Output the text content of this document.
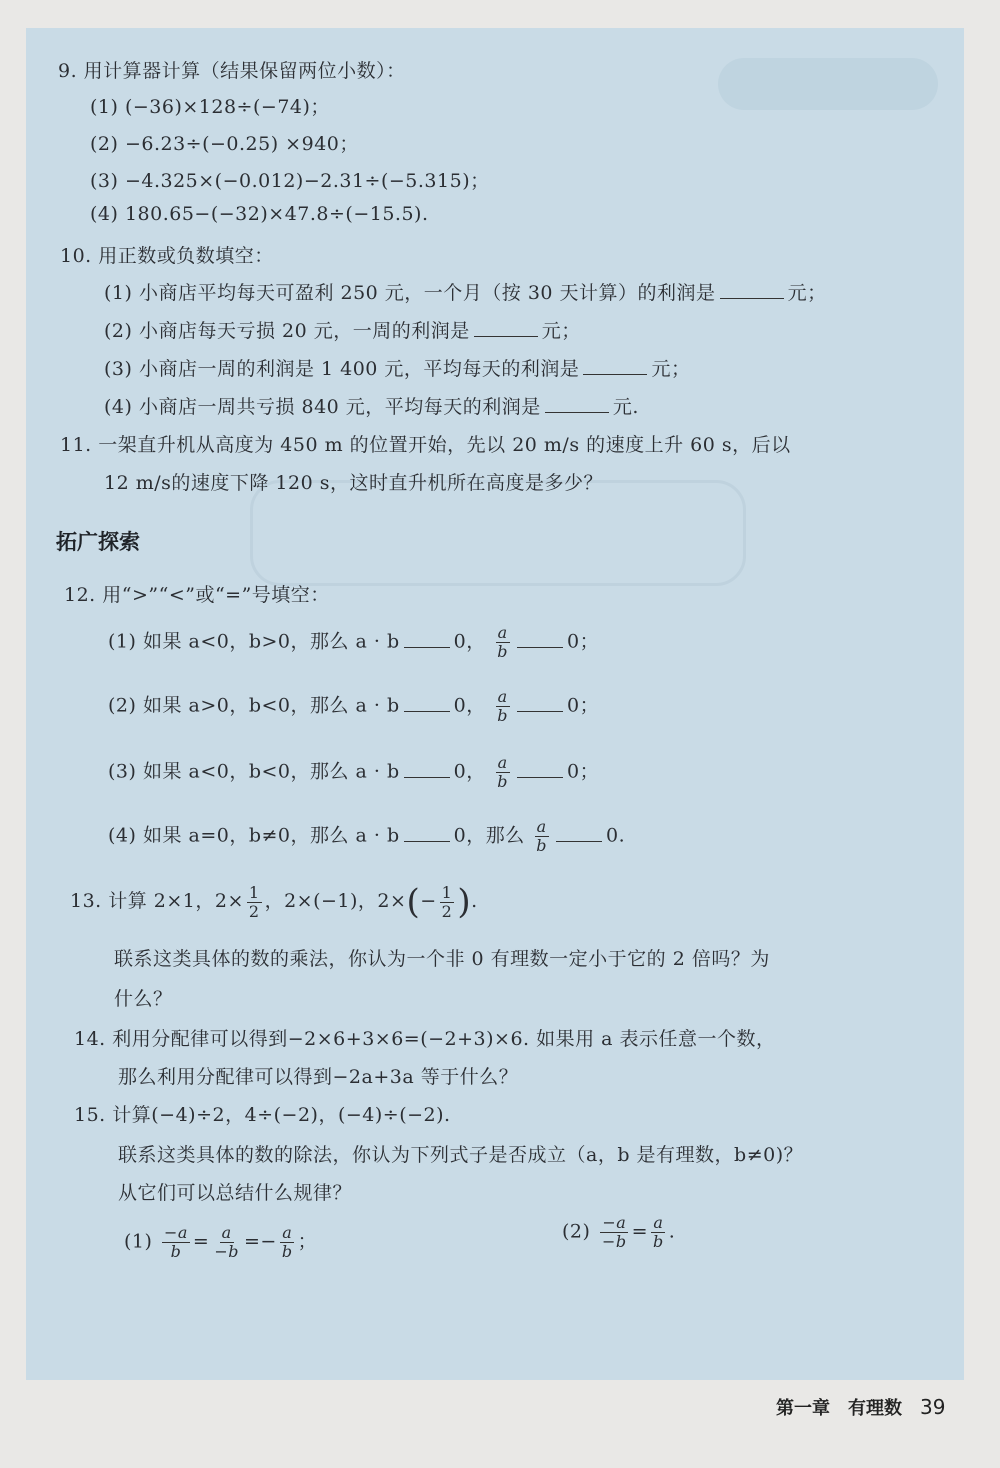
9. 用计算器计算（结果保留两位小数）：
(1) (−36)×128÷(−74)；
(2) −6.23÷(−0.25) ×940；
(3) −4.325×(−0.012)−2.31÷(−5.315)；
(4) 180.65−(−32)×47.8÷(−15.5).
10. 用正数或负数填空：
(1) 小商店平均每天可盈利 250 元，一个月（按 30 天计算）的利润是	元；
(2) 小商店每天亏损 20 元，一周的利润是	元；
(3) 小商店一周的利润是 1 400 元，平均每天的利润是	元；
(4) 小商店一周共亏损 840 元，平均每天的利润是	元.
11. 一架直升机从高度为 450 m 的位置开始，先以 20 m/s 的速度上升 60 s，后以
12 m/s的速度下降 120 s，这时直升机所在高度是多少？
拓广探索
12. 用“>”“<”或“=”号填空：
(1) 如果 a<0，b>0，那么 a · b	0， $\frac{a}{b}$	0；
(2) 如果 a>0，b<0，那么 a · b	0， $\frac{a}{b}$	0；
(3) 如果 a<0，b<0，那么 a · b	0， $\frac{a}{b}$	0；
(4) 如果 a=0，b≠0，那么 a · b	0，那么 $\frac{a}{b}$	0.
13. 计算 2×1，$2\times \frac{1}{2}$ ，2×(−1)，$2\times(- \frac{1}{2}$ ).
联系这类具体的数的乘法，你认为一个非 0 有理数一定小于它的 2 倍吗？为
什么？
14. 利用分配律可以得到−2×6+3×6=(−2+3)×6. 如果用 a 表示任意一个数，
那么利用分配律可以得到−2a+3a 等于什么？
15. 计算(−4)÷2，4÷(−2)，(−4)÷(−2).
联系这类具体的数的除法，你认为下列式子是否成立（a，b 是有理数，b≠0)？
从它们可以总结什么规律？
$(1) \frac{-a}{b} = \frac{a}{-b} =- \frac{a}{b}$ ；	$(2) \frac{-a}{-b} = \frac{a}{b}$ .
第一章　有理数 39
